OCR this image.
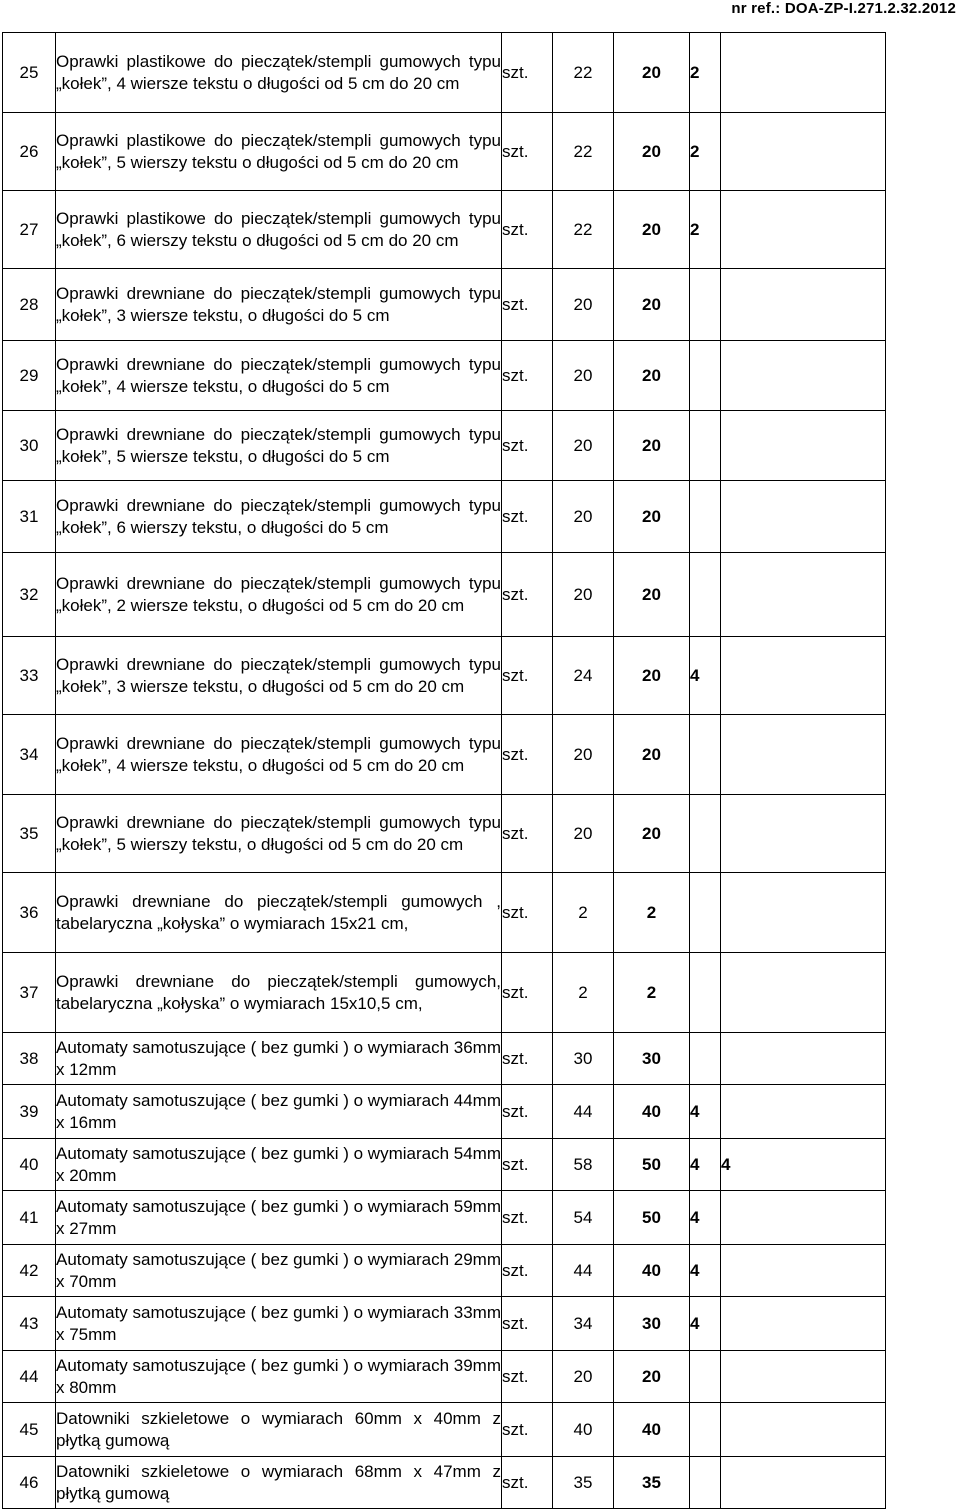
nr ref.: DOA-ZP-I.271.2.32.2012
25	Oprawki plastikowe do pieczątek/stempli gumowych typu „kołek”, 4 wiersze tekstu o długości od 5 cm do 20 cm	szt.	22	20	2	
26	Oprawki plastikowe do pieczątek/stempli gumowych typu „kołek”, 5 wierszy tekstu o długości od 5 cm do 20 cm	szt.	22	20	2	
27	Oprawki plastikowe do pieczątek/stempli gumowych typu „kołek”, 6 wierszy tekstu o długości od 5 cm do 20 cm	szt.	22	20	2	
28	Oprawki drewniane do pieczątek/stempli gumowych typu „kołek”, 3 wiersze tekstu, o długości do 5 cm	szt.	20	20		
29	Oprawki drewniane do pieczątek/stempli gumowych typu „kołek”, 4 wiersze tekstu, o długości do 5 cm	szt.	20	20		
30	Oprawki drewniane do pieczątek/stempli gumowych typu „kołek”, 5 wiersze tekstu, o długości do 5 cm	szt.	20	20		
31	Oprawki drewniane do pieczątek/stempli gumowych typu „kołek”, 6 wierszy tekstu, o długości do 5 cm	szt.	20	20		
32	Oprawki drewniane do pieczątek/stempli gumowych typu „kołek”, 2 wiersze tekstu, o długości od 5 cm do 20 cm	szt.	20	20		
33	Oprawki drewniane do pieczątek/stempli gumowych typu „kołek”, 3 wiersze tekstu, o długości od 5 cm do 20 cm	szt.	24	20	4	
34	Oprawki drewniane do pieczątek/stempli gumowych typu „kołek”, 4 wiersze tekstu, o długości od 5 cm do 20 cm	szt.	20	20		
35	Oprawki drewniane do pieczątek/stempli gumowych typu „kołek”, 5 wierszy tekstu, o długości od 5 cm do 20 cm	szt.	20	20		
36	Oprawki drewniane do pieczątek/stempli gumowych , tabelaryczna „kołyska” o wymiarach 15x21 cm,	szt.	2	2		
37	Oprawki drewniane do pieczątek/stempli gumowych, tabelaryczna „kołyska” o wymiarach 15x10,5 cm,	szt.	2	2		
38	Automaty samotuszujące ( bez gumki ) o wymiarach 36mm x 12mm	szt.	30	30		
39	Automaty samotuszujące ( bez gumki ) o wymiarach 44mm x 16mm	szt.	44	40	4	
40	Automaty samotuszujące ( bez gumki ) o wymiarach 54mm x 20mm	szt.	58	50	4	4
41	Automaty samotuszujące ( bez gumki ) o wymiarach 59mm x 27mm	szt.	54	50	4	
42	Automaty samotuszujące ( bez gumki ) o wymiarach 29mm x 70mm	szt.	44	40	4	
43	Automaty samotuszujące ( bez gumki ) o wymiarach 33mm x 75mm	szt.	34	30	4	
44	Automaty samotuszujące ( bez gumki ) o wymiarach 39mm x 80mm	szt.	20	20		
45	Datowniki szkieletowe o wymiarach 60mm x 40mm z płytką gumową	szt.	40	40		
46	Datowniki szkieletowe o wymiarach 68mm x 47mm z płytką gumową	szt.	35	35		
